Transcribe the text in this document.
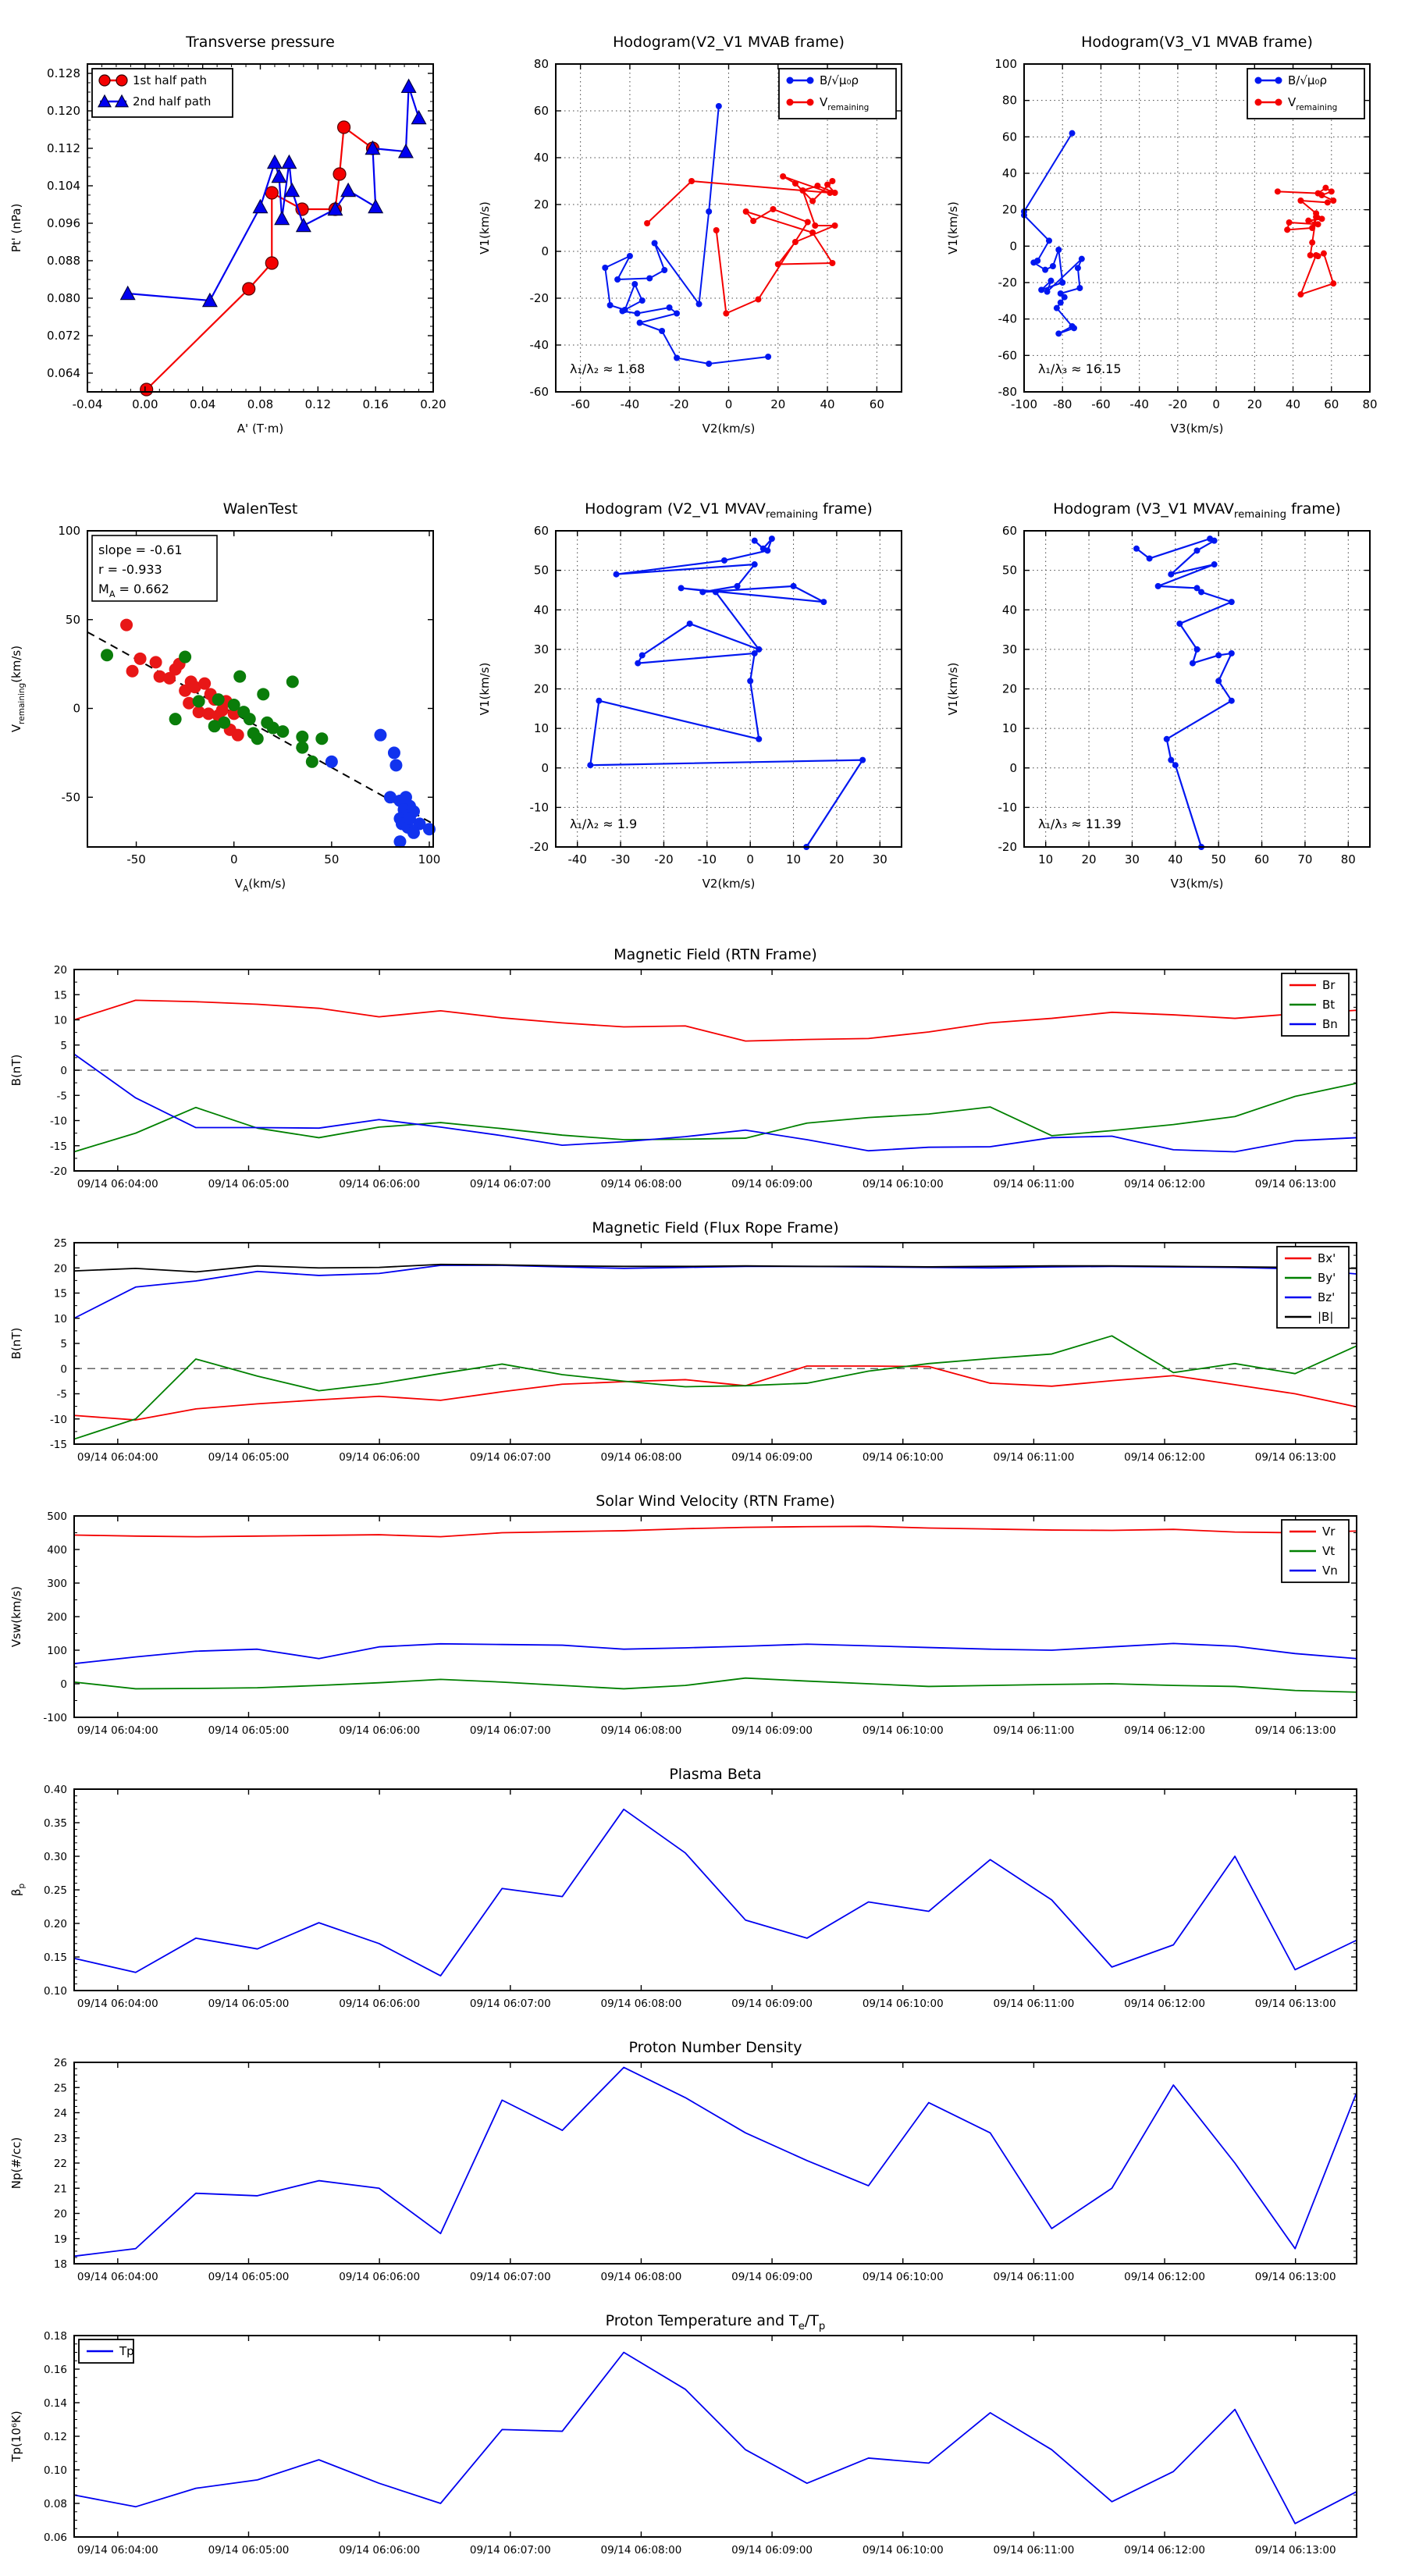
-0.04	0.00	0.04	0.08	0.12	0.16	0.20
0.064
0.072
0.080
0.088
0.096
0.104
0.112
0.120
0.128
Transverse pressure
A' (T·m)
Pt' (nPa)
1st half path
2nd half path
-60	-40	-20	0	20	40	60
-60
-40
-20
0
20
40
60
80
Hodogram(V2_V1 MVAB frame)
V2(km/s)
V1(km/s)
B/√μ₀ρ
$V_{remaining}$
λ₁/λ₂ ≈ 1.68
-100 -80 -60 -40 -20 0 20 40 60 80
-80
-60
-40
-20
0
20
40
60
80
100
Hodogram(V3_V1 MVAB frame)
V3(km/s)
V1(km/s)
B/√μ₀ρ
$V_{remaining}$
λ₁/λ₃ ≈ 16.15
-50	0	50	100
-50
0
50
100
WalenTest
$V_A(km/s)$
$V_{remaining}(km/s)$
slope = -0.61
r = -0.933
$M_A = 0.662$
-40 -30 -20 -10	0	10 20 30
-20
-10
0
10
20
30
40
50
60
Hodogram (V2_V1 $MVAV_{remaining}$ frame)
V2(km/s)
V1(km/s)
λ₁/λ₂ ≈ 1.9
10 20 30 40 50 60 70 80
-20
-10
0
10
20
30
40
50
60
Hodogram (V3_V1 $MVAV_{remaining}$ frame)
V3(km/s)
V1(km/s)
λ₁/λ₃ ≈ 11.39
09/14 06:04:00	09/14 06:05:00	09/14 06:06:00	09/14 06:07:00	09/14 06:08:00	09/14 06:09:00	09/14 06:10:00	09/14 06:11:00	09/14 06:12:00	09/14 06:13:00
-20
-15
-10
-5
0
5
10
15
20
Magnetic Field (RTN Frame)
B(nT)
Br
Bt
Bn
09/14 06:04:00	09/14 06:05:00	09/14 06:06:00	09/14 06:07:00	09/14 06:08:00	09/14 06:09:00	09/14 06:10:00	09/14 06:11:00	09/14 06:12:00	09/14 06:13:00
-15
-10
-5
0
5
10
15
20
25
Magnetic Field (Flux Rope Frame)
B(nT)
Bx'
By'
Bz'
|B|
09/14 06:04:00	09/14 06:05:00	09/14 06:06:00	09/14 06:07:00	09/14 06:08:00	09/14 06:09:00	09/14 06:10:00	09/14 06:11:00	09/14 06:12:00	09/14 06:13:00
-100
0
100
200
300
400
500
Solar Wind Velocity (RTN Frame)
Vsw(km/s)
Vr
Vt
Vn
09/14 06:04:00	09/14 06:05:00	09/14 06:06:00	09/14 06:07:00	09/14 06:08:00	09/14 06:09:00	09/14 06:10:00	09/14 06:11:00	09/14 06:12:00	09/14 06:13:00
0.10
0.15
0.20
0.25
0.30
0.35
0.40
Plasma Beta
$\beta_p$
09/14 06:04:00	09/14 06:05:00	09/14 06:06:00	09/14 06:07:00	09/14 06:08:00	09/14 06:09:00	09/14 06:10:00	09/14 06:11:00	09/14 06:12:00	09/14 06:13:00
18
19
20
21
22
23
24
25
26
Proton Number Density
Np(#/cc)
09/14 06:04:00	09/14 06:05:00	09/14 06:06:00	09/14 06:07:00	09/14 06:08:00	09/14 06:09:00	09/14 06:10:00	09/14 06:11:00	09/14 06:12:00	09/14 06:13:00
0.06
0.08
0.10
0.12
0.14
0.16
0.18
Proton Temperature and $T_e/T_p$
Tp(10⁶K)
Tp
